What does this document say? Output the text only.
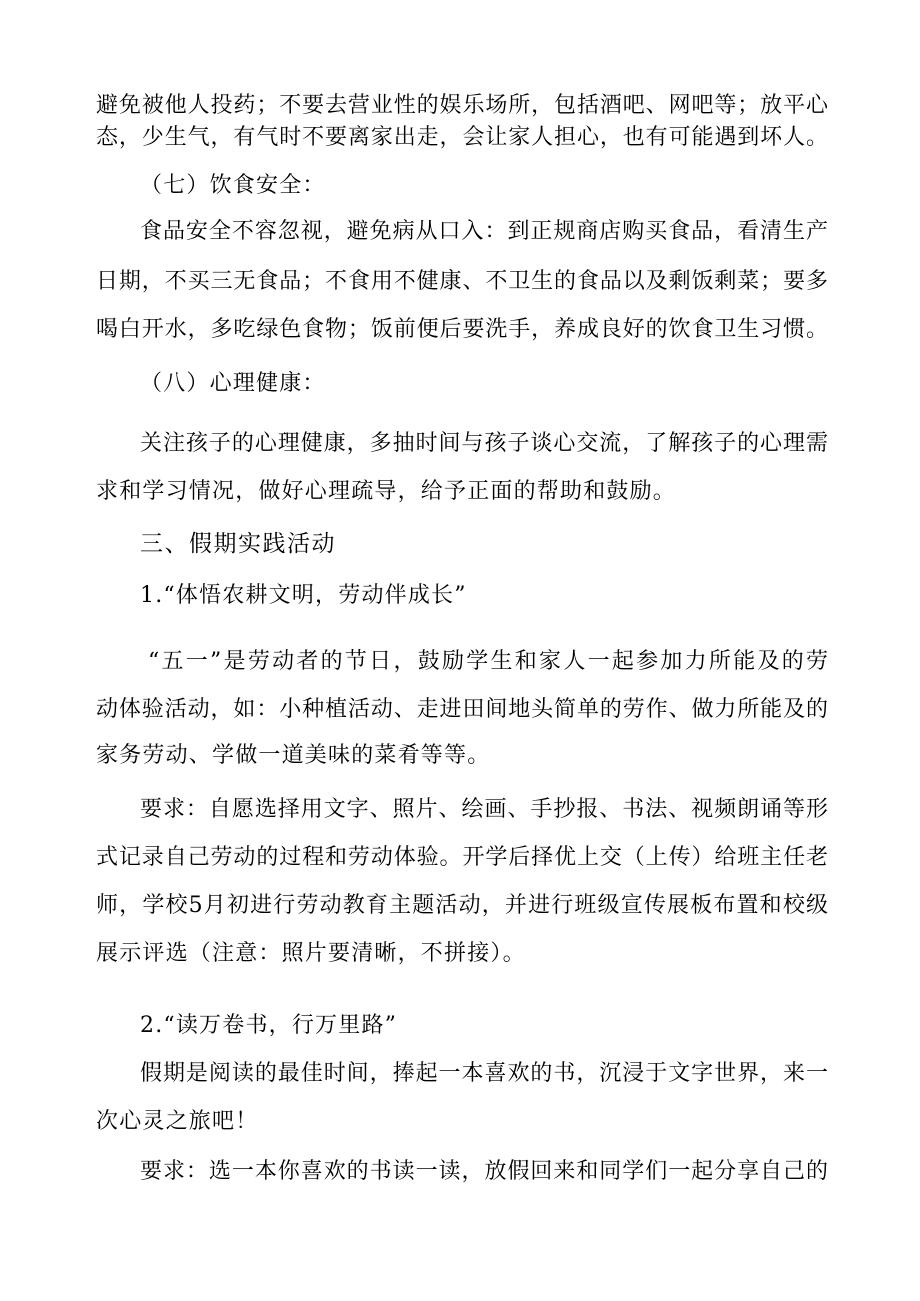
避免被他人投药；不要去营业性的娱乐场所，包括酒吧、网吧等；放平心
态，少生气，有气时不要离家出走，会让家人担心，也有可能遇到坏人。
（七）饮食安全：
食品安全不容忽视，避免病从口入：到正规商店购买食品，看清生产
日期，不买三无食品；不食用不健康、不卫生的食品以及剩饭剩菜；要多
喝白开水，多吃绿色食物；饭前便后要洗手，养成良好的饮食卫生习惯。
（八）心理健康：
关注孩子的心理健康，多抽时间与孩子谈心交流，了解孩子的心理需
求和学习情况，做好心理疏导，给予正面的帮助和鼓励。
三、假期实践活动
1.“体悟农耕文明，劳动伴成长”
“五一”是劳动者的节日，鼓励学生和家人一起参加力所能及的劳
动体验活动，如：小种植活动、走进田间地头简单的劳作、做力所能及的
家务劳动、学做一道美味的菜肴等等。
要求：自愿选择用文字、照片、绘画、手抄报、书法、视频朗诵等形
式记录自己劳动的过程和劳动体验。开学后择优上交（上传）给班主任老
师，学校5月初进行劳动教育主题活动，并进行班级宣传展板布置和校级
展示评选（注意：照片要清晰，不拼接）。
2.“读万卷书，行万里路”
假期是阅读的最佳时间，捧起一本喜欢的书，沉浸于文字世界，来一
次心灵之旅吧！
要求：选一本你喜欢的书读一读，放假回来和同学们一起分享自己的
